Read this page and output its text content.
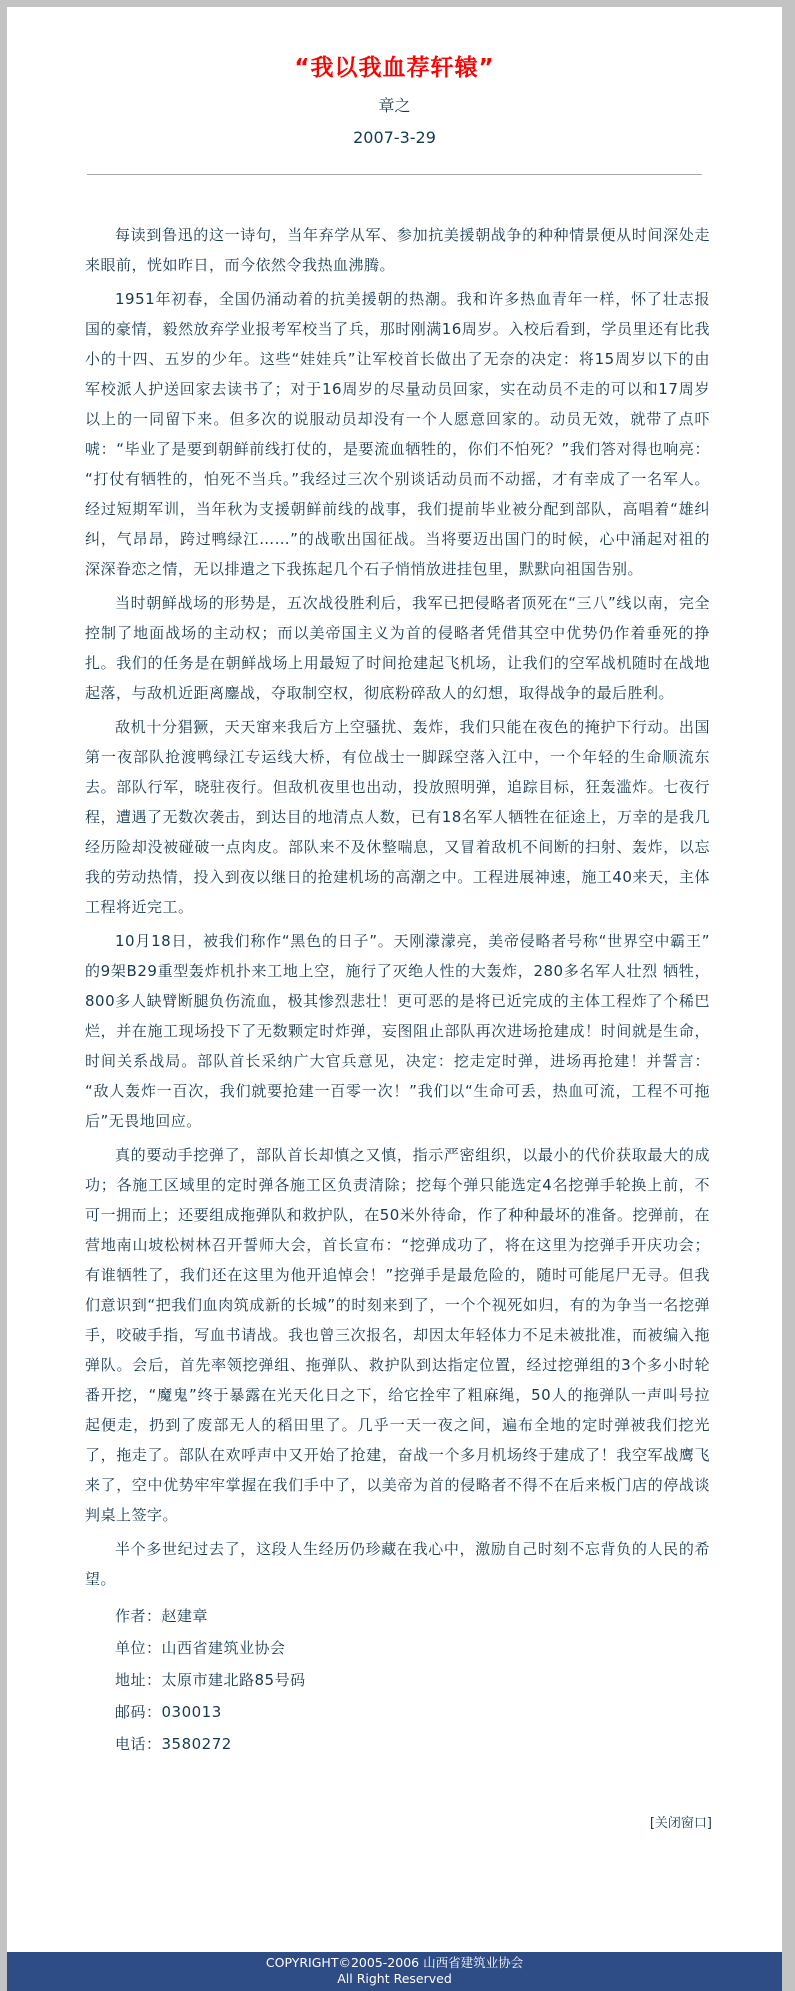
“我以我血荐轩辕”
章之
2007-3-29

每读到鲁迅的这一诗句，当年弃学从军、参加抗美援朝战争的种种情景便从时间深处走来眼前，恍如昨日，而今依然令我热血沸腾。

1951年初春，全国仍涌动着的抗美援朝的热潮。我和许多热血青年一样，怀了壮志报国的豪情，毅然放弃学业报考军校当了兵，那时刚满16周岁。入校后看到，学员里还有比我小的十四、五岁的少年。这些“娃娃兵”让军校首长做出了无奈的决定：将15周岁以下的由军校派人护送回家去读书了；对于16周岁的尽量动员回家，实在动员不走的可以和17周岁以上的一同留下来。但多次的说服动员却没有一个人愿意回家的。动员无效，就带了点吓唬：“毕业了是要到朝鲜前线打仗的，是要流血牺牲的，你们不怕死？”我们答对得也响亮：“打仗有牺牲的，怕死不当兵。”我经过三次个别谈话动员而不动摇，才有幸成了一名军人。经过短期军训，当年秋为支援朝鲜前线的战事，我们提前毕业被分配到部队，高唱着“雄纠纠，气昂昂，跨过鸭绿江……”的战歌出国征战。当将要迈出国门的时候，心中涌起对祖的深深眷恋之情，无以排遣之下我拣起几个石子悄悄放进挂包里，默默向祖国告别。

当时朝鲜战场的形势是，五次战役胜利后，我军已把侵略者顶死在“三八”线以南，完全控制了地面战场的主动权；而以美帝国主义为首的侵略者凭借其空中优势仍作着垂死的挣扎。我们的任务是在朝鲜战场上用最短了时间抢建起飞机场，让我们的空军战机随时在战地起落，与敌机近距离鏖战，夺取制空权，彻底粉碎敌人的幻想，取得战争的最后胜利。

敌机十分猖獗，天天窜来我后方上空骚扰、轰炸，我们只能在夜色的掩护下行动。出国第一夜部队抢渡鸭绿江专运线大桥，有位战士一脚踩空落入江中，一个年轻的生命顺流东去。部队行军，晓驻夜行。但敌机夜里也出动，投放照明弹，追踪目标，狂轰滥炸。七夜行程，遭遇了无数次袭击，到达目的地清点人数，已有18名军人牺牲在征途上，万幸的是我几经历险却没被碰破一点肉皮。部队来不及休整喘息，又冒着敌机不间断的扫射、轰炸，以忘我的劳动热情，投入到夜以继日的抢建机场的高潮之中。工程进展神速，施工40来天，主体工程将近完工。

10月18日，被我们称作“黑色的日子”。天刚濛濛亮，美帝侵略者号称“世界空中霸王”的9架B29重型轰炸机扑来工地上空，施行了灭绝人性的大轰炸，280多名军人壮烈 牺牲，800多人缺臂断腿负伤流血，极其惨烈悲壮！更可恶的是将已近完成的主体工程炸了个稀巴烂，并在施工现场投下了无数颗定时炸弹，妄图阻止部队再次进场抢建成！时间就是生命，时间关系战局。部队首长采纳广大官兵意见，决定：挖走定时弹，进场再抢建！并誓言：“敌人轰炸一百次，我们就要抢建一百零一次！”我们以“生命可丢，热血可流，工程不可拖后”无畏地回应。

真的要动手挖弹了，部队首长却慎之又慎，指示严密组织，以最小的代价获取最大的成功；各施工区域里的定时弹各施工区负责清除；挖每个弹只能选定4名挖弹手轮换上前，不可一拥而上；还要组成拖弹队和救护队，在50米外待命，作了种种最坏的准备。挖弹前，在营地南山坡松树林召开誓师大会，首长宣布：“挖弹成功了，将在这里为挖弹手开庆功会；有谁牺牲了，我们还在这里为他开追悼会！”挖弹手是最危险的，随时可能尾尸无寻。但我们意识到“把我们血肉筑成新的长城”的时刻来到了，一个个视死如归，有的为争当一名挖弹手，咬破手指，写血书请战。我也曾三次报名，却因太年轻体力不足未被批准，而被编入拖弹队。会后，首先率领挖弹组、拖弹队、救护队到达指定位置，经过挖弹组的3个多小时轮番开挖，“魔鬼”终于暴露在光天化日之下，给它拴牢了粗麻绳，50人的拖弹队一声叫号拉起便走，扔到了废部无人的稻田里了。几乎一天一夜之间，遍布全地的定时弹被我们挖光了，拖走了。部队在欢呼声中又开始了抢建，奋战一个多月机场终于建成了！我空军战鹰飞来了，空中优势牢牢掌握在我们手中了，以美帝为首的侵略者不得不在后来板门店的停战谈判桌上签字。

半个多世纪过去了，这段人生经历仍珍藏在我心中，激励自己时刻不忘背负的人民的希望。

作者：赵建章
单位：山西省建筑业协会
地址：太原市建北路85号码
邮码：030013
电话：3580272
[关闭窗口]
COPYRIGHT©2005-2006 山西省建筑业协会
All Right Reserved
